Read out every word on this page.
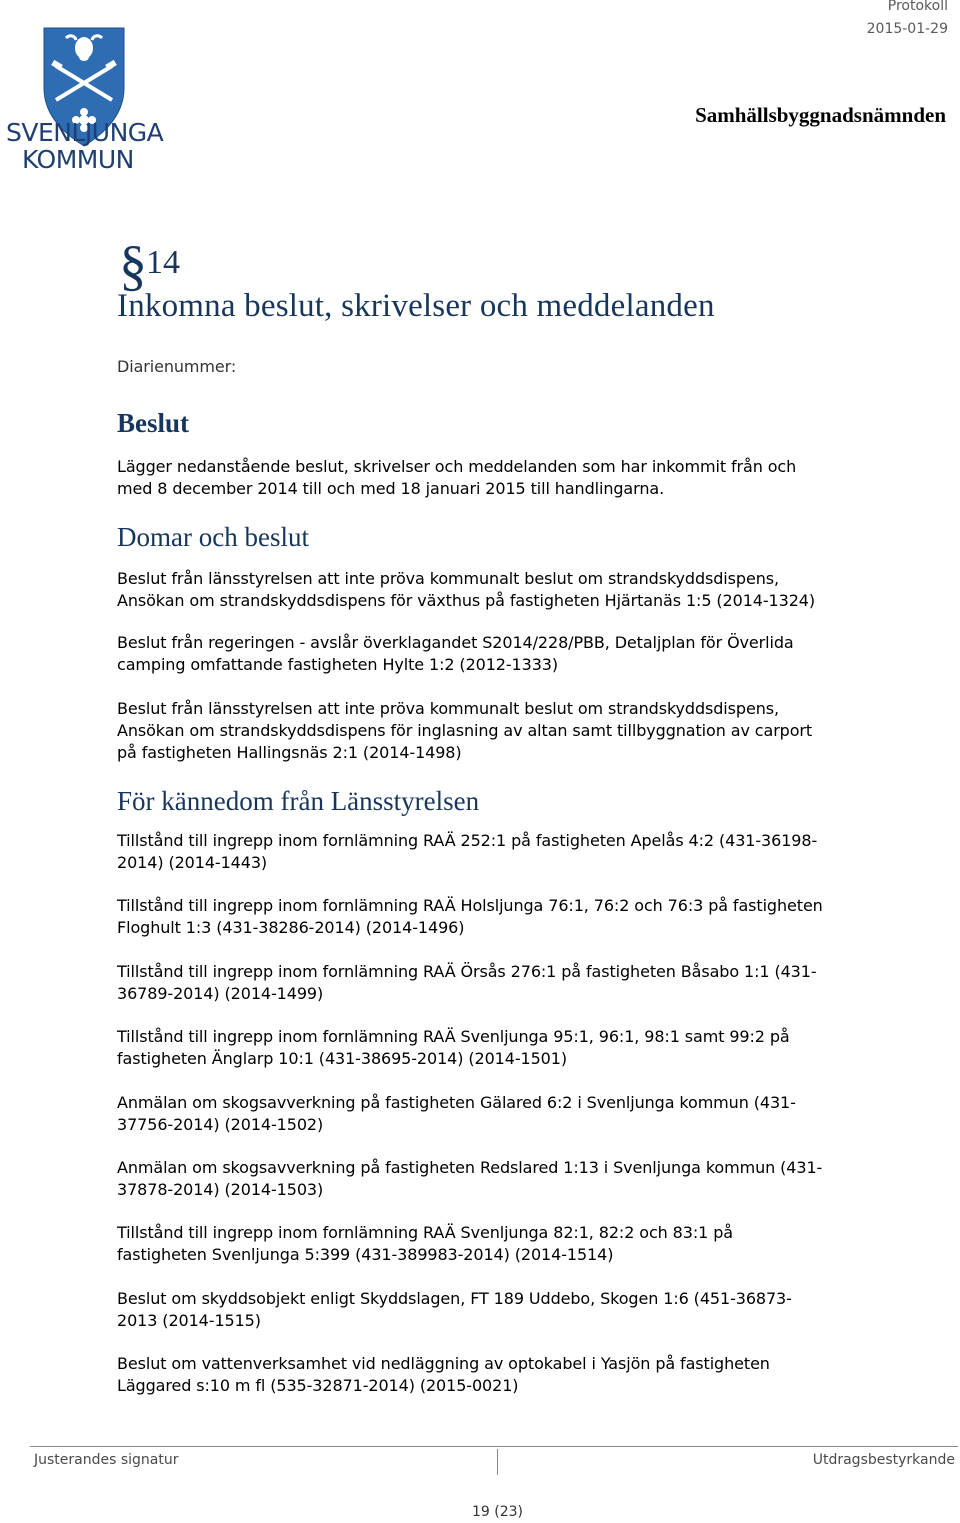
Protokoll
2015-01-29
Samhällsbyggnadsnämnden
SVENLJUNGA
KOMMUN
§ 14
Inkomna beslut, skrivelser och meddelanden
Diarienummer:
Beslut

Lägger nedanstående beslut, skrivelser och meddelanden som har inkommit från och
med 8 december 2014 till och med 18 januari 2015 till handlingarna.

Domar och beslut

Beslut från länsstyrelsen att inte pröva kommunalt beslut om strandskyddsdispens,
Ansökan om strandskyddsdispens för växthus på fastigheten Hjärtanäs 1:5 (2014-1324)

Beslut från regeringen - avslår överklagandet S2014/228/PBB, Detaljplan för Överlida
camping omfattande fastigheten Hylte 1:2 (2012-1333)

Beslut från länsstyrelsen att inte pröva kommunalt beslut om strandskyddsdispens,
Ansökan om strandskyddsdispens för inglasning av altan samt tillbyggnation av carport
på fastigheten Hallingsnäs 2:1 (2014-1498)

För kännedom från Länsstyrelsen

Tillstånd till ingrepp inom fornlämning RAÄ 252:1 på fastigheten Apelås 4:2 (431-36198-
2014) (2014-1443)

Tillstånd till ingrepp inom fornlämning RAÄ Holsljunga 76:1, 76:2 och 76:3 på fastigheten
Floghult 1:3 (431-38286-2014) (2014-1496)

Tillstånd till ingrepp inom fornlämning RAÄ Örsås 276:1 på fastigheten Båsabo 1:1 (431-
36789-2014) (2014-1499)

Tillstånd till ingrepp inom fornlämning RAÄ Svenljunga 95:1, 96:1, 98:1 samt 99:2 på
fastigheten Änglarp 10:1 (431-38695-2014) (2014-1501)

Anmälan om skogsavverkning på fastigheten Gälared 6:2 i Svenljunga kommun (431-
37756-2014) (2014-1502)

Anmälan om skogsavverkning på fastigheten Redslared 1:13 i Svenljunga kommun (431-
37878-2014) (2014-1503)

Tillstånd till ingrepp inom fornlämning RAÄ Svenljunga 82:1, 82:2 och 83:1 på
fastigheten Svenljunga 5:399 (431-389983-2014) (2014-1514)

Beslut om skyddsobjekt enligt Skyddslagen, FT 189 Uddebo, Skogen 1:6 (451-36873-
2013 (2014-1515)

Beslut om vattenverksamhet vid nedläggning av optokabel i Yasjön på fastigheten
Läggared s:10 m fl (535-32871-2014) (2015-0021)

Justerandes signatur	Utdragsbestyrkande
19 (23)
